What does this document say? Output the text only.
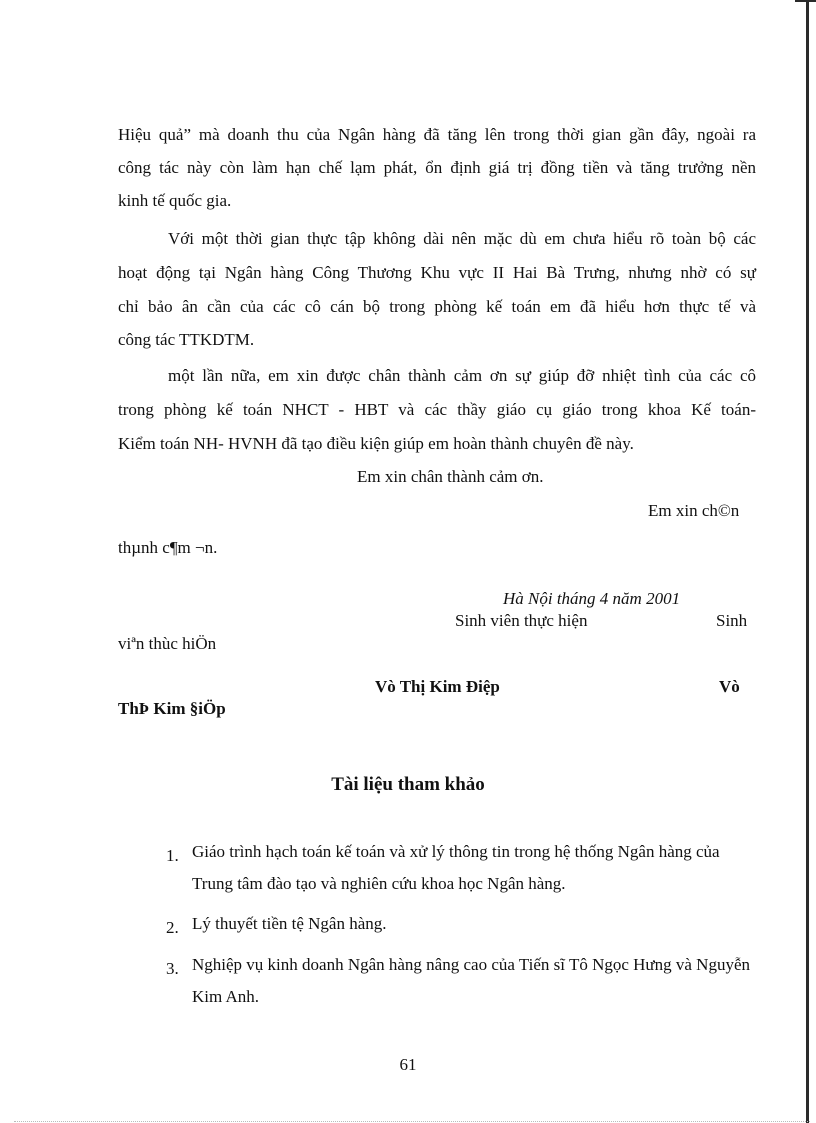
Hiệu quả” mà doanh thu của Ngân hàng đã tăng lên trong thời gian gần đây, ngoài ra
công tác này còn làm hạn chế lạm phát, ổn định giá trị đồng tiền và tăng trưởng nền
kinh tế quốc gia.
Với một thời gian thực tập không dài nên mặc dù em chưa hiểu rõ toàn bộ các
hoạt động tại Ngân hàng Công Thương Khu vực II Hai Bà Trưng, nhưng nhờ có sự
chỉ bảo ân cần của các cô cán bộ trong phòng kế toán em đã hiểu hơn thực tế và
công tác TTKDTM.
một lần nữa, em xin được chân thành cảm ơn sự giúp đỡ nhiệt tình của các cô
trong phòng kế toán NHCT - HBT và các thầy giáo cụ giáo trong khoa Kế toán-
Kiểm toán NH- HVNH đã tạo điều kiện giúp em hoàn thành chuyên đề này.
Em xin chân thành cảm ơn.
Em xin ch©n
thµnh c¶m ¬n.
Hà Nội tháng 4 năm 2001
Sinh viên thực hiện	Sinh
viªn thùc hiÖn
Vò Thị Kim Điệp	Vò
ThÞ Kim §iÖp
Tài liệu tham khảo
1. Giáo trình hạch toán kế toán và xử lý thông tin trong hệ thống Ngân hàng của Trung tâm đào tạo và nghiên cứu khoa học Ngân hàng.
2. Lý thuyết tiền tệ Ngân hàng.
3. Nghiệp vụ kinh doanh Ngân hàng nâng cao của Tiến sĩ Tô Ngọc Hưng và Nguyễn Kim Anh.
61
